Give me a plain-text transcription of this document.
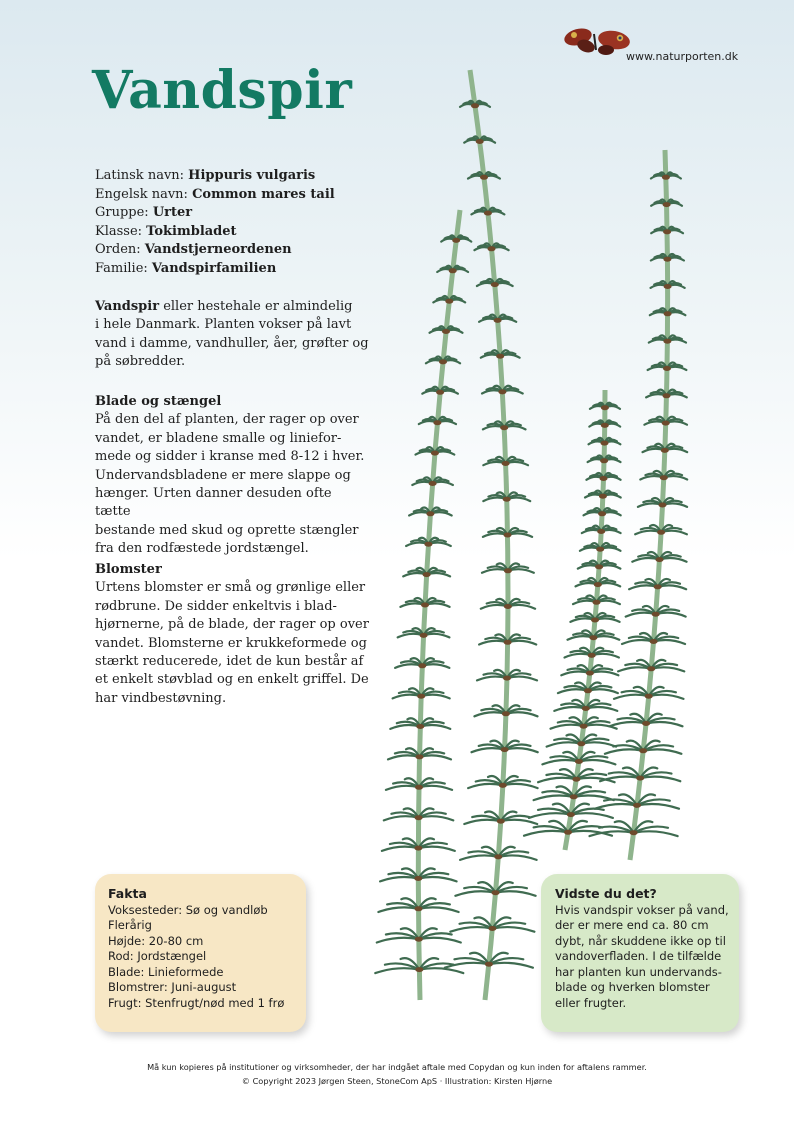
www.naturporten.dk
Vandspir
Latinsk navn: Hippuris vulgaris
Engelsk navn: Common mares tail
Gruppe: Urter
Klasse: Tokimbladet
Orden: Vandstjerneordenen
Familie: Vandspirfamilien

Vandspir eller hestehale er almindelig

i hele Danmark. Planten vokser på lavt

vand i damme, vandhuller, åer, grøfter og

på søbredder.

Blade og stængel

På den del af planten, der rager op over

vandet, er bladene smalle og liniefor-

mede og sidder i kranse med 8-12 i hver.

Undervandsbladene er mere slappe og

hænger. Urten danner desuden ofte tætte

bestande med skud og oprette stængler

fra den rodfæstede jordstængel.

Blomster

Urtens blomster er små og grønlige eller

rødbrune. De sidder enkeltvis i blad-

hjørnerne, på de blade, der rager op over

vandet. Blomsterne er krukkeformede og

stærkt reducerede, idet de kun består af

et enkelt støvblad og en enkelt griffel. De

har vindbestøvning.

Fakta
Voksesteder: Sø og vandløb
Flerårig
Højde: 20-80 cm
Rod: Jordstængel
Blade: Linieformede
Blomstrer: Juni-august
Frugt: Stenfrugt/nød med 1 frø
Vidste du det?
Hvis vandspir vokser på vand,
der er mere end ca. 80 cm
dybt, når skuddene ikke op til
vandoverfladen. I de tilfælde
har planten kun undervands-
blade og hverken blomster
eller frugter.
Må kun kopieres på institutioner og virksomheder, der har indgået aftale med Copydan og kun inden for aftalens rammer.
© Copyright 2023 Jørgen Steen, StoneCom ApS · Illustration: Kirsten Hjørne
